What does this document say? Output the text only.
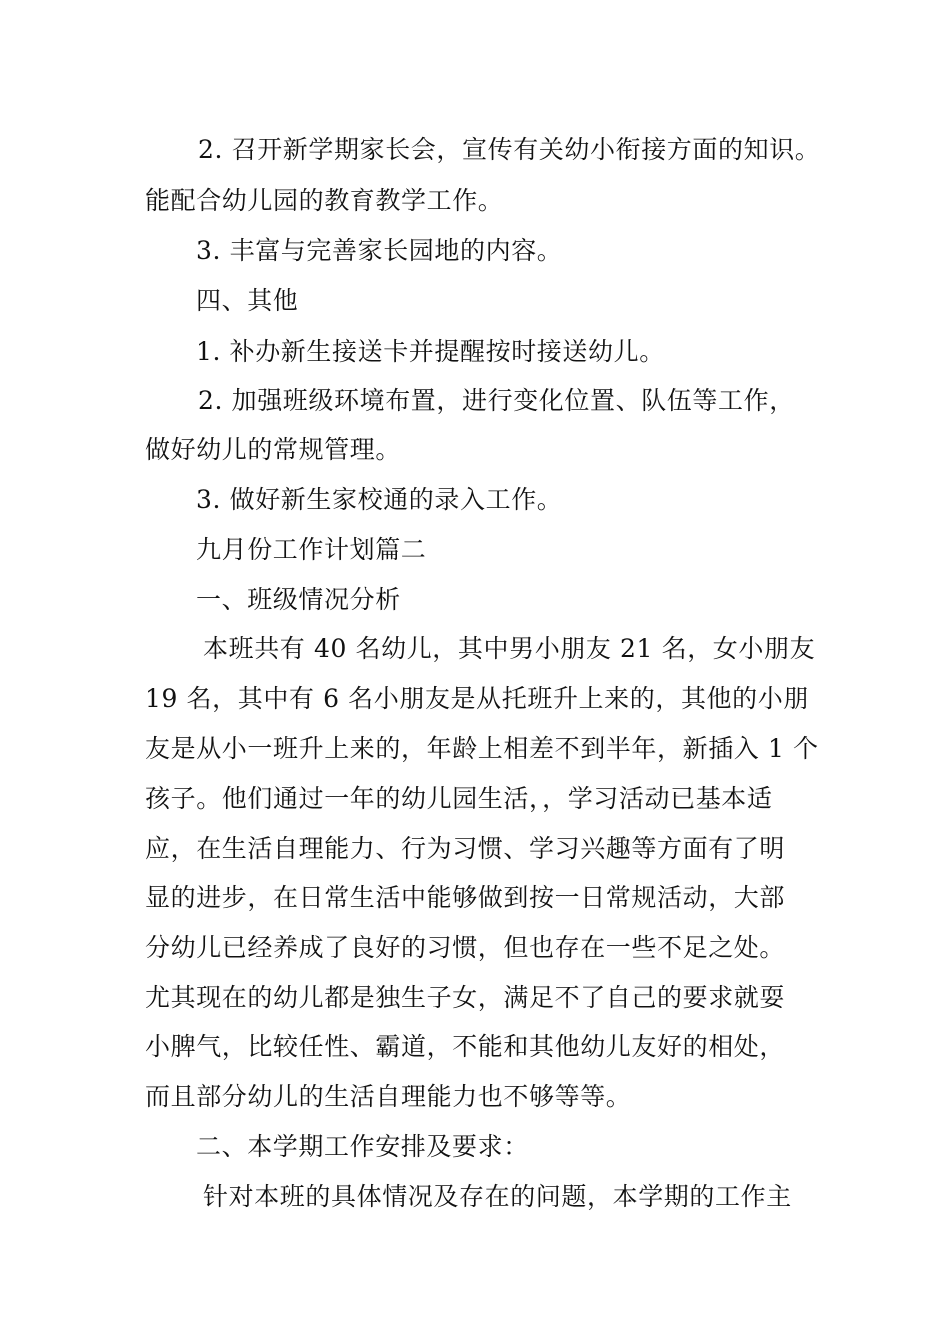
2. 召开新学期家长会，宣传有关幼小衔接方面的知识。
能配合幼儿园的教育教学工作。
3. 丰富与完善家长园地的内容。
四、其他
1. 补办新生接送卡并提醒按时接送幼儿。
2. 加强班级环境布置，进行变化位置、队伍等工作，
做好幼儿的常规管理。
3. 做好新生家校通的录入工作。
九月份工作计划篇二
一、班级情况分析
本班共有 40 名幼儿，其中男小朋友 21 名，女小朋友
19 名，其中有 6 名小朋友是从托班升上来的，其他的小朋
友是从小一班升上来的，年龄上相差不到半年，新插入 1 个
孩子。他们通过一年的幼儿园生活，，学习活动已基本适
应，在生活自理能力、行为习惯、学习兴趣等方面有了明
显的进步，在日常生活中能够做到按一日常规活动，大部
分幼儿已经养成了良好的习惯，但也存在一些不足之处。
尤其现在的幼儿都是独生子女，满足不了自己的要求就耍
小脾气，比较任性、霸道，不能和其他幼儿友好的相处，
而且部分幼儿的生活自理能力也不够等等。
二、本学期工作安排及要求：
针对本班的具体情况及存在的问题，本学期的工作主
